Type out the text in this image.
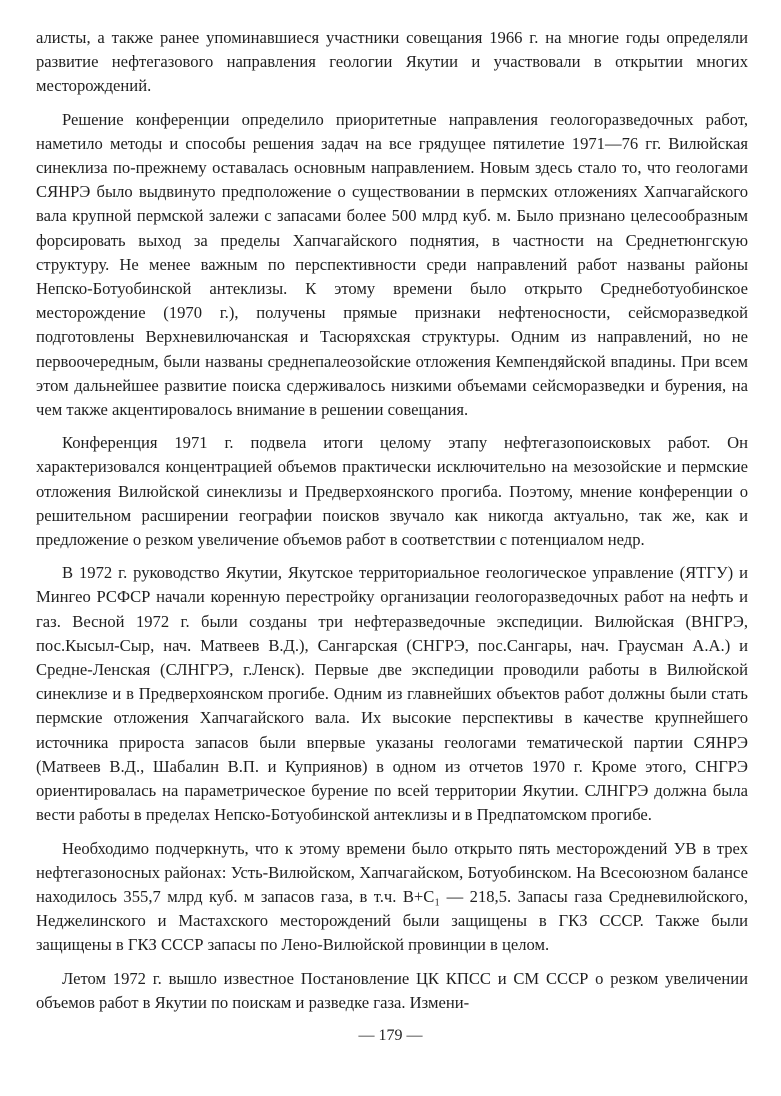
алисты, а также ранее упоминавшиеся участники совещания 1966 г. на многие годы определяли развитие нефтегазового направления геологии Якутии и участвовали в открытии многих месторождений.

Решение конференции определило приоритетные направления геологоразведочных работ, наметило методы и способы решения задач на все грядущее пятилетие 1971—76 гг. Вилюйская синеклиза по-прежнему оставалась основным направлением. Новым здесь стало то, что геологами СЯНРЭ было выдвинуто предположение о существовании в пермских отложениях Хапчагайского вала крупной пермской залежи с запасами более 500 млрд куб. м. Было признано целесообразным форсировать выход за пределы Хапчагайского поднятия, в частности на Среднетюнгскую структуру. Не менее важным по перспективности среди направлений работ названы районы Непско-Ботуобинской антеклизы. К этому времени было открыто Среднеботуобинское месторождение (1970 г.), получены прямые признаки нефтеносности, сейсморазведкой подготовлены Верхневилючанская и Тасюряхская структуры. Одним из направлений, но не первоочередным, были названы среднепалеозойские отложения Кемпендяйской впадины. При всем этом дальнейшее развитие поиска сдерживалось низкими объемами сейсморазведки и бурения, на чем также акцентировалось внимание в решении совещания.

Конференция 1971 г. подвела итоги целому этапу нефтегазопоисковых работ. Он характеризовался концентрацией объемов практически исключительно на мезозойские и пермские отложения Вилюйской синеклизы и Предверхоянского прогиба. Поэтому, мнение конференции о решительном расширении географии поисков звучало как никогда актуально, так же, как и предложение о резком увеличение объемов работ в соответствии с потенциалом недр.

В 1972 г. руководство Якутии, Якутское территориальное геологическое управление (ЯТГУ) и Мингео РСФСР начали коренную перестройку организации геологоразведочных работ на нефть и газ. Весной 1972 г. были созданы три нефтеразведочные экспедиции. Вилюйская (ВНГРЭ, пос.Кысыл-Сыр, нач. Матвеев В.Д.), Сангарская (СНГРЭ, пос.Сангары, нач. Граусман А.А.) и Средне-Ленская (СЛНГРЭ, г.Ленск). Первые две экспедиции проводили работы в Вилюйской синеклизе и в Предверхоянском прогибе. Одним из главнейших объектов работ должны были стать пермские отложения Хапчагайского вала. Их высокие перспективы в качестве крупнейшего источника прироста запасов были впервые указаны геологами тематической партии СЯНРЭ (Матвеев В.Д., Шабалин В.П. и Куприянов) в одном из отчетов 1970 г. Кроме этого, СНГРЭ ориентировалась на параметрическое бурение по всей территории Якутии. СЛНГРЭ должна была вести работы в пределах Непско-Ботуобинской антеклизы и в Предпатомском прогибе.

Необходимо подчеркнуть, что к этому времени было открыто пять месторождений УВ в трех нефтегазоносных районах: Усть-Вилюйском, Хапчагайском, Ботуобинском. На Всесоюзном балансе находилось 355,7 млрд куб. м запасов газа, в т.ч. В+С₁ — 218,5. Запасы газа Средневилюйского, Неджелинского и Мастахского месторождений были защищены в ГКЗ СССР. Также были защищены в ГКЗ СССР запасы по Лено-Вилюйской провинции в целом.

Летом 1972 г. вышло известное Постановление ЦК КПСС и СМ СССР о резком увеличении объемов работ в Якутии по поискам и разведке газа. Измени-

— 179 —
